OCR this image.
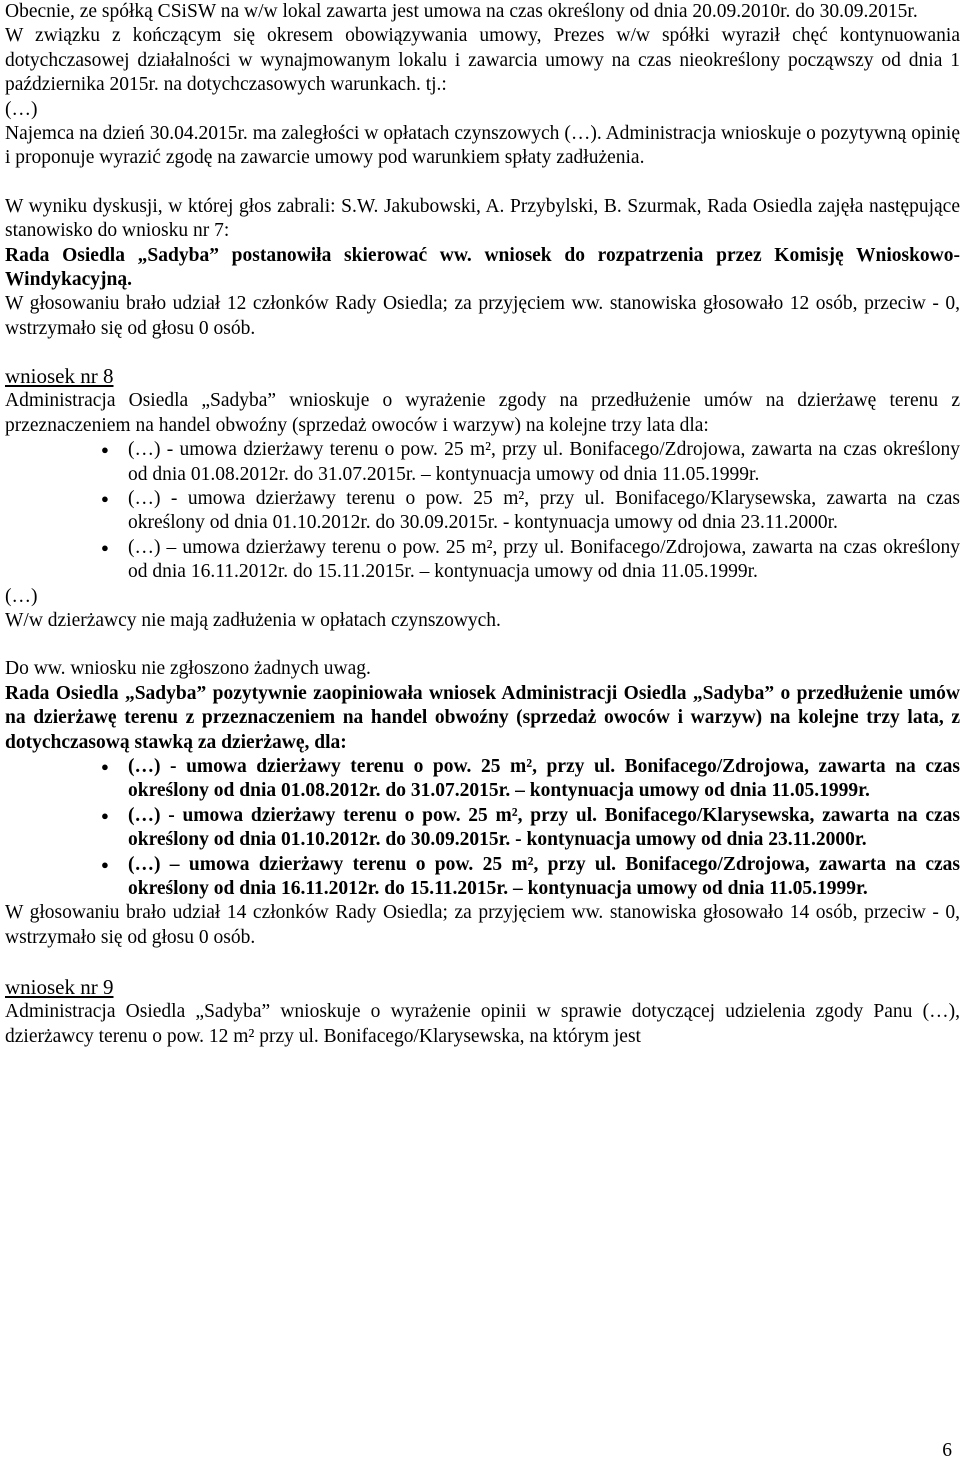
Obecnie, ze spółką CSiSW na w/w lokal zawarta jest umowa na czas określony od dnia 20.09.2010r. do 30.09.2015r.

W związku z kończącym się okresem obowiązywania umowy, Prezes w/w spółki wyraził chęć kontynuowania dotychczasowej działalności w wynajmowanym lokalu i zawarcia umowy na czas nieokreślony począwszy od dnia 1 października 2015r. na dotychczasowych warunkach. tj.:

(…)

Najemca na dzień 30.04.2015r. ma zaległości w opłatach czynszowych (…). Administracja wnioskuje o pozytywną opinię i proponuje wyrazić zgodę na zawarcie umowy pod warunkiem spłaty zadłużenia.

W wyniku dyskusji, w której głos zabrali: S.W. Jakubowski, A. Przybylski, B. Szurmak, Rada Osiedla zajęła następujące stanowisko do wniosku nr 7:

Rada Osiedla „Sadyba” postanowiła skierować ww. wniosek do rozpatrzenia przez Komisję Wnioskowo-Windykacyjną.

W głosowaniu brało udział 12 członków Rady Osiedla; za przyjęciem ww. stanowiska głosowało 12 osób, przeciw - 0, wstrzymało się od głosu 0 osób.

wniosek nr 8

Administracja Osiedla „Sadyba” wnioskuje o wyrażenie zgody na przedłużenie umów na dzierżawę terenu z przeznaczeniem na handel obwoźny (sprzedaż owoców i warzyw) na kolejne trzy lata dla:

● (…) - umowa dzierżawy terenu o pow. 25 m², przy ul. Bonifacego/Zdrojowa, zawarta na czas określony od dnia 01.08.2012r. do 31.07.2015r. – kontynuacja umowy od dnia 11.05.1999r.
● (…) - umowa dzierżawy terenu o pow. 25 m², przy ul. Bonifacego/Klarysewska, zawarta na czas określony od dnia 01.10.2012r. do 30.09.2015r. - kontynuacja umowy od dnia 23.11.2000r.
● (…) – umowa dzierżawy terenu o pow. 25 m², przy ul. Bonifacego/Zdrojowa, zawarta na czas określony od dnia 16.11.2012r. do 15.11.2015r. – kontynuacja umowy od dnia 11.05.1999r.

(…)

W/w dzierżawcy nie mają zadłużenia w opłatach czynszowych.

Do ww. wniosku nie zgłoszono żadnych uwag.

Rada Osiedla „Sadyba” pozytywnie zaopiniowała wniosek Administracji Osiedla „Sadyba” o przedłużenie umów na dzierżawę terenu z przeznaczeniem na handel obwoźny (sprzedaż owoców i warzyw) na kolejne trzy lata, z dotychczasową stawką za dzierżawę, dla:

● (…) - umowa dzierżawy terenu o pow. 25 m², przy ul. Bonifacego/Zdrojowa, zawarta na czas określony od dnia 01.08.2012r. do 31.07.2015r. – kontynuacja umowy od dnia 11.05.1999r.
● (…) - umowa dzierżawy terenu o pow. 25 m², przy ul. Bonifacego/Klarysewska, zawarta na czas określony od dnia 01.10.2012r. do 30.09.2015r. - kontynuacja umowy od dnia 23.11.2000r.
● (…) – umowa dzierżawy terenu o pow. 25 m², przy ul. Bonifacego/Zdrojowa, zawarta na czas określony od dnia 16.11.2012r. do 15.11.2015r. – kontynuacja umowy od dnia 11.05.1999r.

W głosowaniu brało udział 14 członków Rady Osiedla; za przyjęciem ww. stanowiska głosowało 14 osób, przeciw - 0, wstrzymało się od głosu 0 osób.

wniosek nr 9

Administracja Osiedla „Sadyba” wnioskuje o wyrażenie opinii w sprawie dotyczącej udzielenia zgody Panu (…), dzierżawcy terenu o pow. 12 m² przy ul. Bonifacego/Klarysewska, na którym jest

6
